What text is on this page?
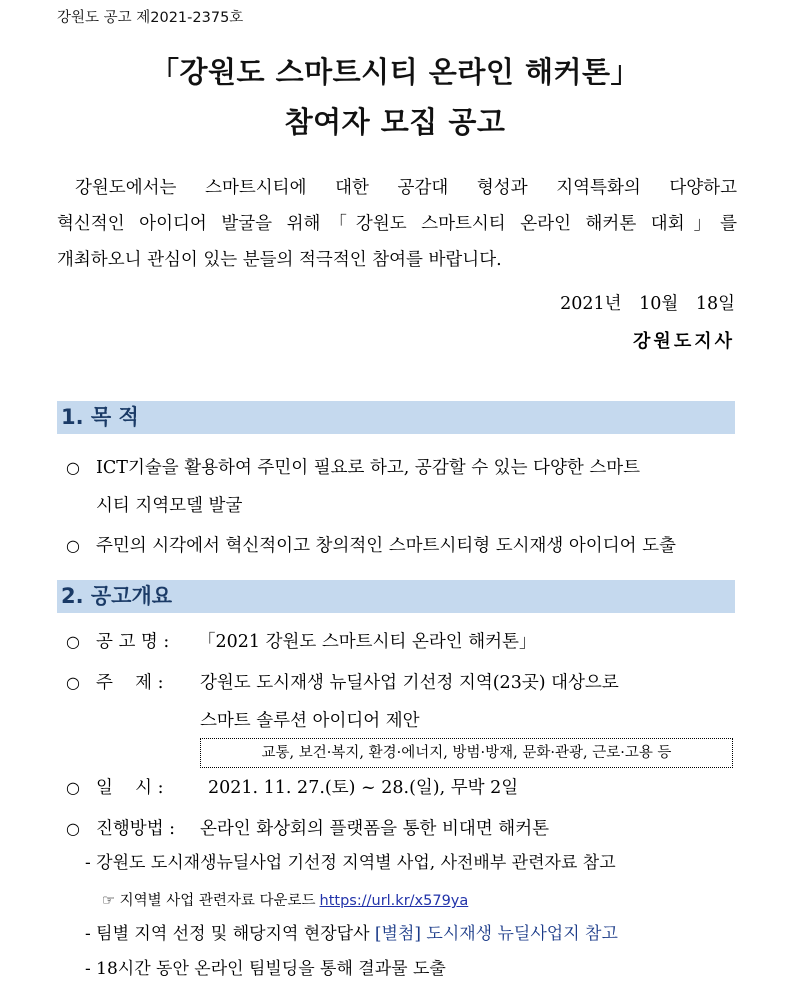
강원도 공고 제2021-2375호
「강원도 스마트시티 온라인 해커톤」
참여자 모집 공고

강원도에서는 스마트시티에 대한 공감대 형성과 지역특화의 다양하고

혁신적인 아이디어 발굴을 위해「강원도 스마트시티 온라인 해커톤 대회」를
개최하오니 관심이 있는 분들의 적극적인 참여를 바랍니다.
2021년 10월 18일
강원도지사
1. 목 적
○ ICT기술을 활용하여 주민이 필요로 하고, 공감할 수 있는 다양한 스마트
시티 지역모델 발굴
○ 주민의 시각에서 혁신적이고 창의적인 스마트시티형 도시재생 아이디어 도출
2. 공고개요
○ 공 고 명 : 「2021 강원도 스마트시티 온라인 해커톤」
○ 주    제 : 강원도 도시재생 뉴딜사업 기선정 지역(23곳) 대상으로
스마트 솔루션 아이디어 제안
교통, 보건·복지, 환경·에너지, 방범·방재, 문화·관광, 근로·고용 등
○ 일    시 :	2021. 11. 27.(토) ~ 28.(일), 무박 2일
○ 진행방법 : 온라인 화상회의 플랫폼을 통한 비대면 해커톤
- 강원도 도시재생뉴딜사업 기선정 지역별 사업, 사전배부 관련자료 참고
☞ 지역별 사업 관련자료 다운로드 https://url.kr/x579ya
- 팀별 지역 선정 및 해당지역 현장답사 [별첨] 도시재생 뉴딜사업지 참고
- 18시간 동안 온라인 팀빌딩을 통해 결과물 도출
